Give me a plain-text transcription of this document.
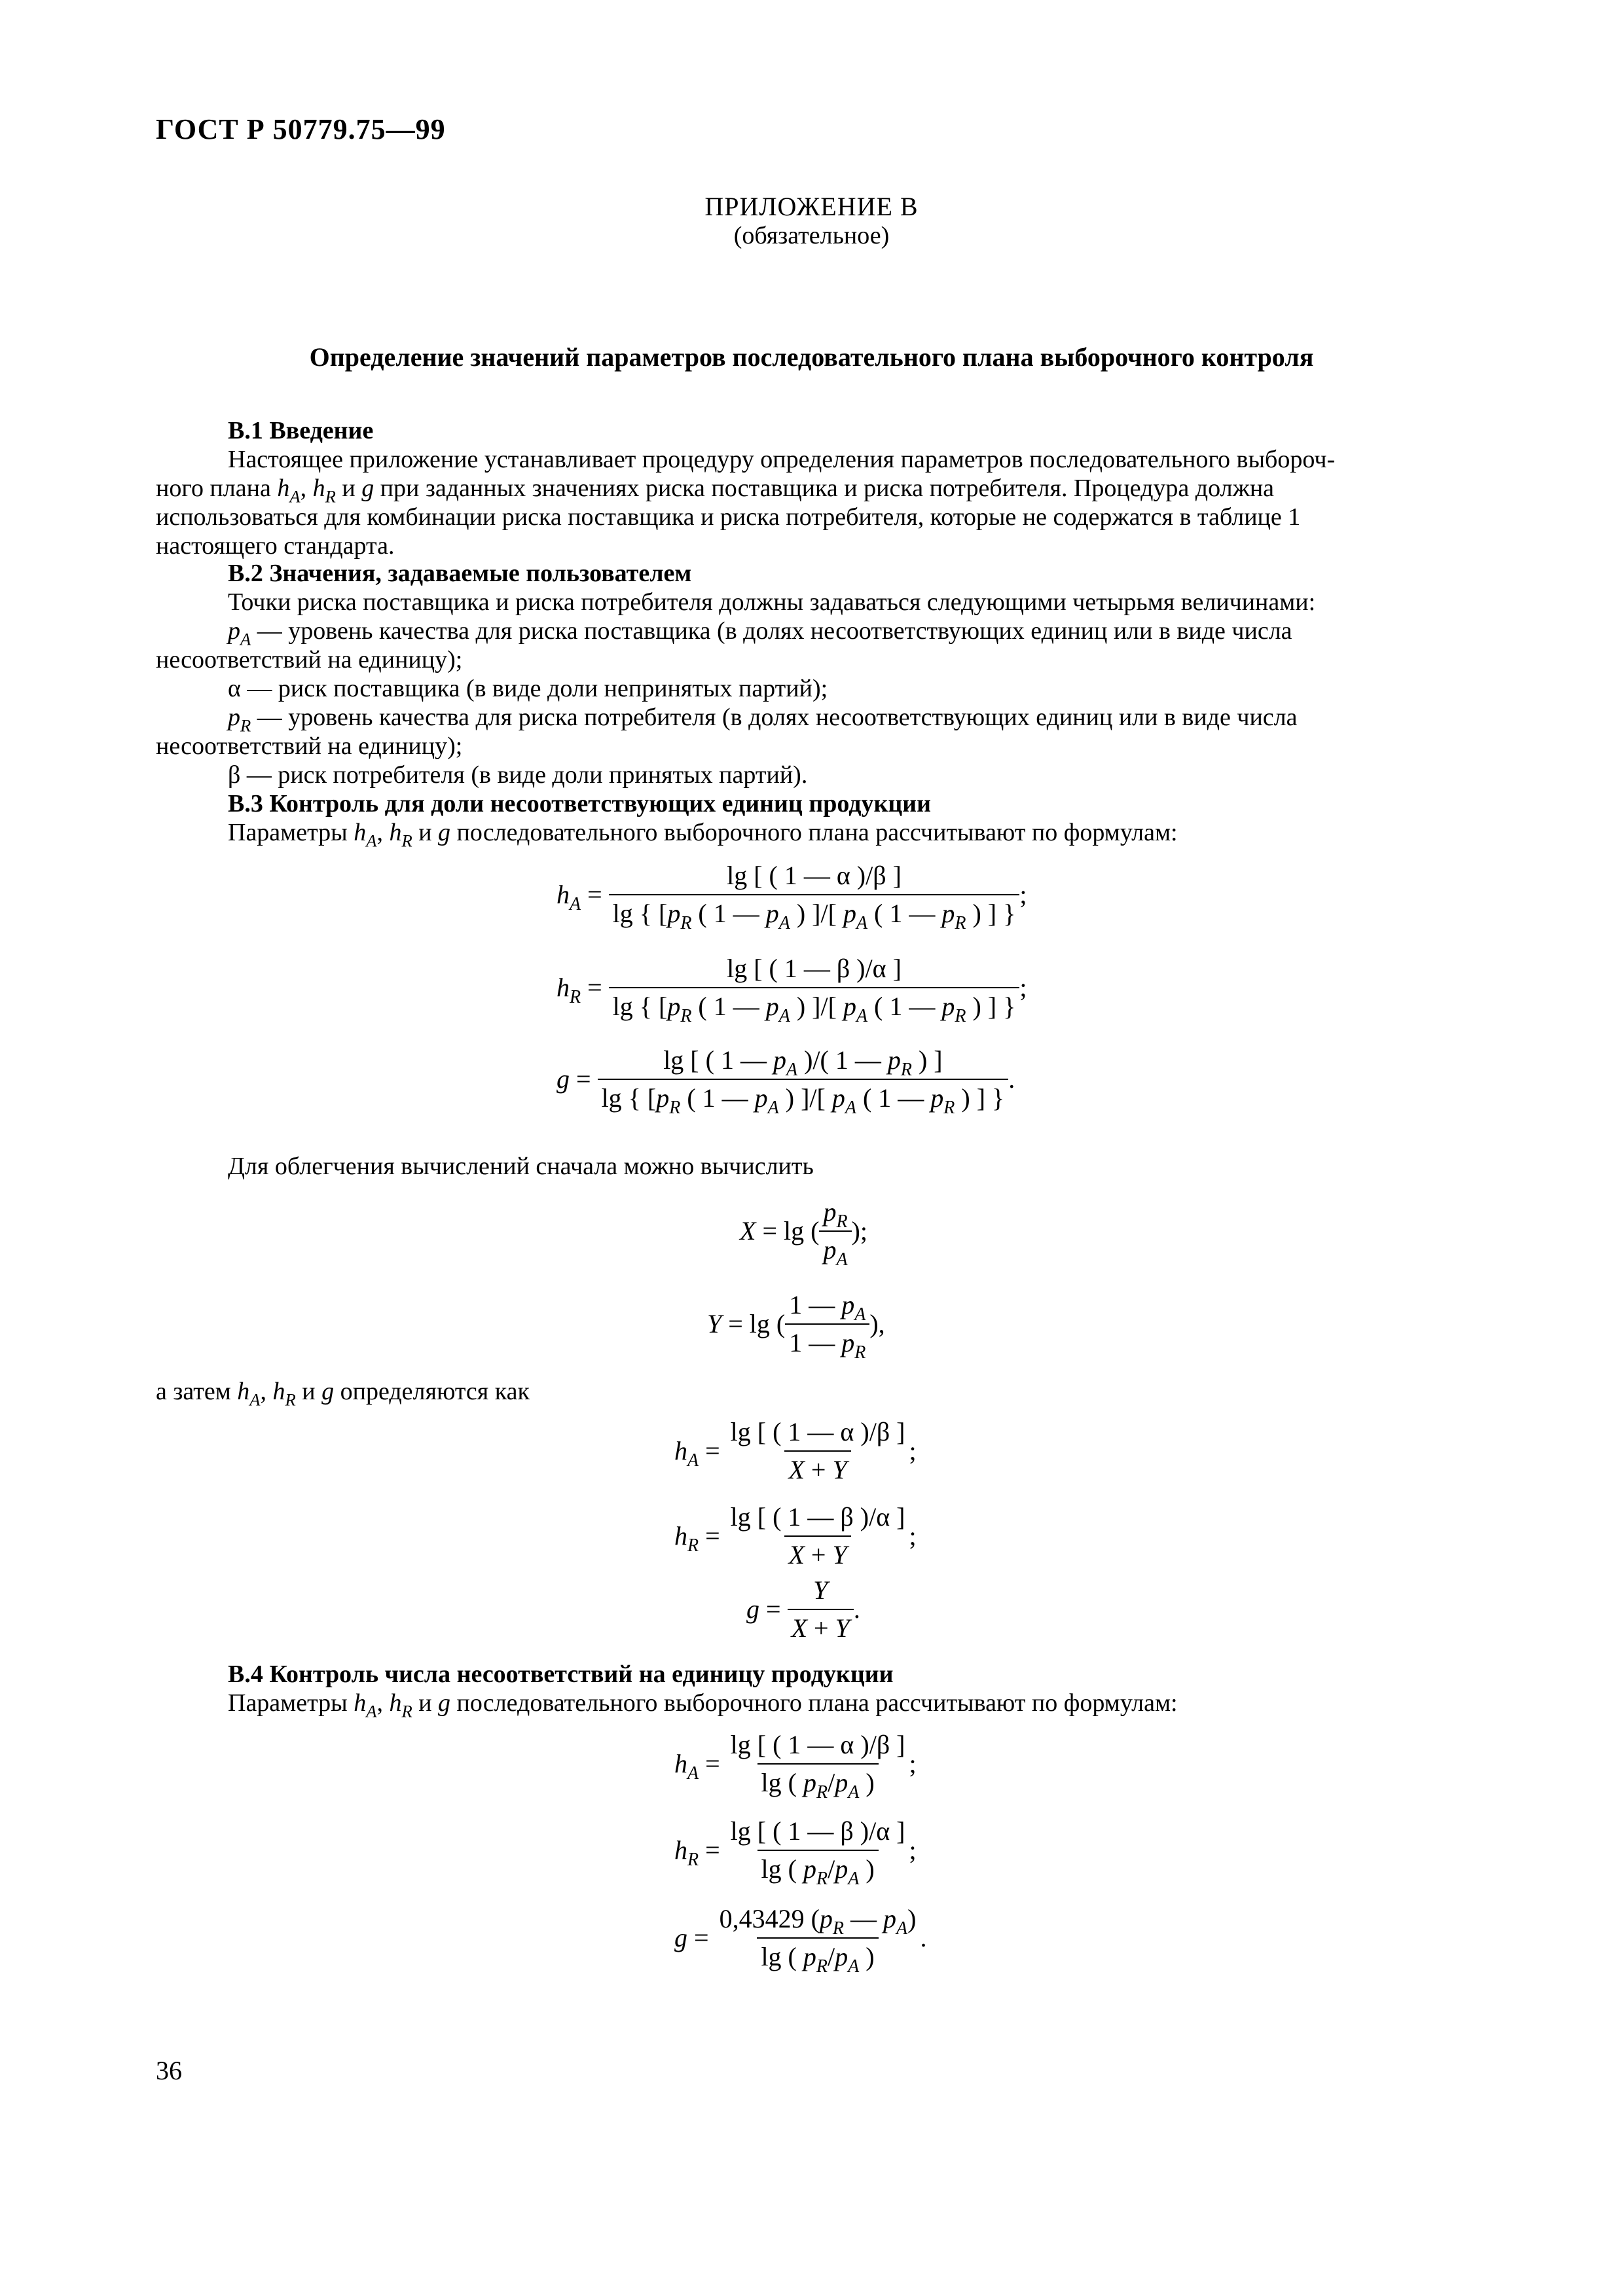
ГОСТ Р 50779.75—99
ПРИЛОЖЕНИЕ В
(обязательное)
Определение значений параметров последовательного плана выборочного контроля
В.1 Введение
Настоящее приложение устанавливает процедуру определения параметров последовательного выбороч-
ного плана $h_A$, $h_R$ и g при заданных значениях риска поставщика и риска потребителя. Процедура должна
использоваться для комбинации риска поставщика и риска потребителя, которые не содержатся в таблице 1
настоящего стандарта.
В.2 Значения, задаваемые пользователем
Точки риска поставщика и риска потребителя должны задаваться следующими четырьмя величинами:
$p_A$ — уровень качества для риска поставщика (в долях несоответствующих единиц или в виде числа
несоответствий на единицу);
α — риск поставщика (в виде доли непринятых партий);
$p_R$ — уровень качества для риска потребителя (в долях несоответствующих единиц или в виде числа
несоответствий на единицу);
β — риск потребителя (в виде доли принятых партий).
В.3 Контроль для доли несоответствующих единиц продукции
Параметры $h_A$, $h_R$ и g последовательного выборочного плана рассчитывают по формулам:
$h_A = \frac{\lg [ ( 1 — \alpha )/\beta ]}{\lg \{ [p_R ( 1 — p_A ) ]/[ p_A ( 1 — p_R ) ] \}}$ ;
$h_R = \frac{\lg [ ( 1 — \beta )/\alpha ]}{\lg \{ [p_R ( 1 — p_A ) ]/[ p_A ( 1 — p_R ) ] \}}$ ;
$g = \frac{\lg [ ( 1 — p_A )/( 1 — p_R ) ]}{\lg \{ [p_R ( 1 — p_A ) ]/[ p_A ( 1 — p_R ) ] \}}$ .
Для облегчения вычислений сначала можно вычислить
X = lg ( $\frac{p_R}{p_A}$ );
Y = lg ( $\frac{1 — p_A}{1 — p_R}$ ),
а затем $h_A$, $h_R$ и g определяются как
$h_A = \frac{\lg [ ( 1 — \alpha )/\beta ]}{X + Y}$ ;
$h_R = \frac{\lg [ ( 1 — \beta )/\alpha ]}{X + Y}$ ;
$g = \frac{Y}{X + Y}$ .
В.4 Контроль числа несоответствий на единицу продукции
Параметры $h_A$, $h_R$ и g последовательного выборочного плана рассчитывают по формулам:
$h_A = \frac{\lg [ ( 1 — \alpha )/\beta ]}{\lg ( p_R/p_A )}$ ;
$h_R = \frac{\lg [ ( 1 — \beta )/\alpha ]}{\lg ( p_R/p_A )}$ ;
$g = \frac{0,43429 (p_R — p_A)}{\lg ( p_R/p_A )}$ .
36
